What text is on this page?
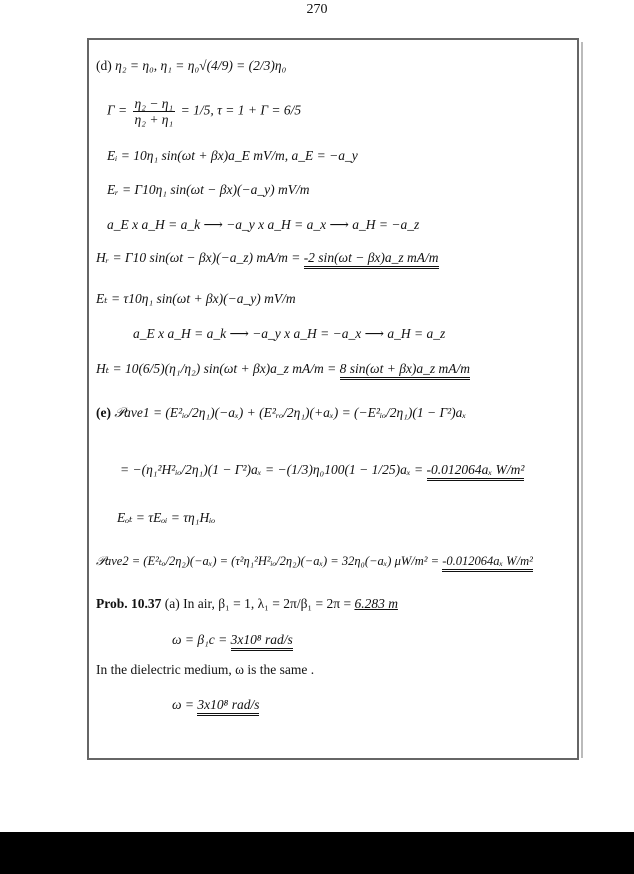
270
(d) η₂ = η₀, η₁ = η₀√(4/9) = (2/3)η₀
$\Gamma = \frac{\text{η₂ − η₁}}{\text{η₂ + η₁}} = 1/5$, τ = 1 + Γ = 6/5
Eᵢ = 10η₁ sin(ωt + βx)a_E mV/m, a_E = −a_y
Eᵣ = Γ10η₁ sin(ωt − βx)(−a_y) mV/m
a_E x a_H = a_k ⟶ −a_y x a_H = a_x ⟶ a_H = −a_z
Hᵣ = Γ10 sin(ωt − βx)(−a_z) mA/m = -2 sin(ωt − βx)a_z mA/m
Eₜ = τ10η₁ sin(ωt + βx)(−a_y) mV/m
a_E x a_H = a_k ⟶ −a_y x a_H = −a_x ⟶ a_H = a_z
Hₜ = 10(6/5)(η₁/η₂) sin(ωt + βx)a_z mA/m = 8 sin(ωt + βx)a_z mA/m
(e) 𝒫ave1 = (E²ᵢₒ/2η₁)(−aₓ) + (E²ᵣₒ/2η₁)(+aₓ) = (−E²ᵢₒ/2η₁)(1 − Γ²)aₓ
= −(η₁²H²ᵢₒ/2η₁)(1 − Γ²)aₓ = −(1/3)η₀100(1 − 1/25)aₓ = -0.012064aₓ W/m²
Eₒₜ = τEₒᵢ = τη₁Hᵢₒ
𝒫ave2 = (E²ₜₒ/2η₂)(−aₓ) = (τ²η₁²H²ᵢₒ/2η₂)(−aₓ) = 32η₀(−aₓ) μW/m² = -0.012064aₓ W/m²
Prob. 10.37 (a) In air, β₁ = 1, λ₁ = 2π/β₁ = 2π = 6.283 m
ω = β₁c = 3x10⁸ rad/s
In the dielectric medium, ω is the same .
ω = 3x10⁸ rad/s
